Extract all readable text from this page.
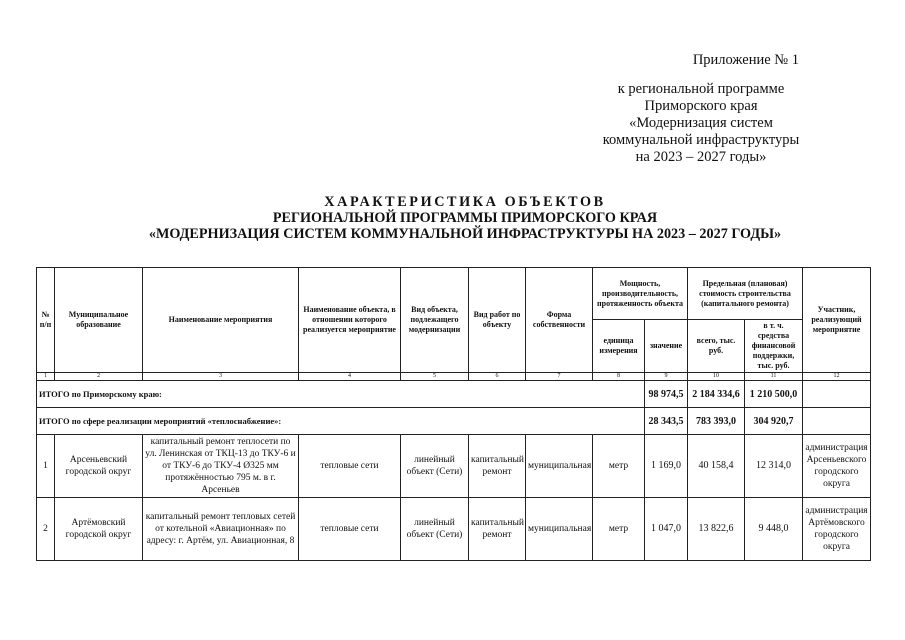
Приложение № 1
к региональной программе
Приморского края
«Модернизация систем
коммунальной инфраструктуры
на 2023 – 2027 годы»
ХАРАКТЕРИСТИКА ОБЪЕКТОВ
РЕГИОНАЛЬНОЙ ПРОГРАММЫ ПРИМОРСКОГО КРАЯ
«МОДЕРНИЗАЦИЯ СИСТЕМ КОММУНАЛЬНОЙ ИНФРАСТРУКТУРЫ НА 2023 – 2027 ГОДЫ»
№ п/п	Муниципальное образование	Наименование мероприятия	Наименование объекта, в отношении которого реализуется мероприятие	Вид объекта, подлежащего модернизации	Вид работ по объекту	Форма собственности	Мощность, производительность, протяженность объекта		Предельная (плановая) стоимость строительства (капитального ремонта)		Участник, реализующий мероприятие
							единица измерения	значение	всего, тыс. руб.	в т. ч. средства финансовой поддержки, тыс. руб.	
1	2	3	4	5	6	7	8	9	10	11	12
ИТОГО по Приморскому краю:								98 974,5	2 184 334,6	1 210 500,0	
ИТОГО по сфере реализации мероприятий «теплоснабжение»:								28 343,5	783 393,0	304 920,7	
1	Арсеньевский городской округ	капитальный ремонт теплосети по ул. Ленинская от ТКЦ-13 до ТКУ-6 и от ТКУ-6 до ТКУ-4 Ø325 мм протяжённостью 795 м. в г. Арсеньев	тепловые сети	линейный объект (Сети)	капитальный ремонт	муниципальная	метр	1 169,0	40 158,4	12 314,0	администрация Арсеньевского городского округа
2	Артёмовский городской округ	капитальный ремонт тепловых сетей от котельной «Авиационная» по адресу: г. Артём, ул. Авиационная, 8	тепловые сети	линейный объект (Сети)	капитальный ремонт	муниципальная	метр	1 047,0	13 822,6	9 448,0	администрация Артёмовского городского округа
